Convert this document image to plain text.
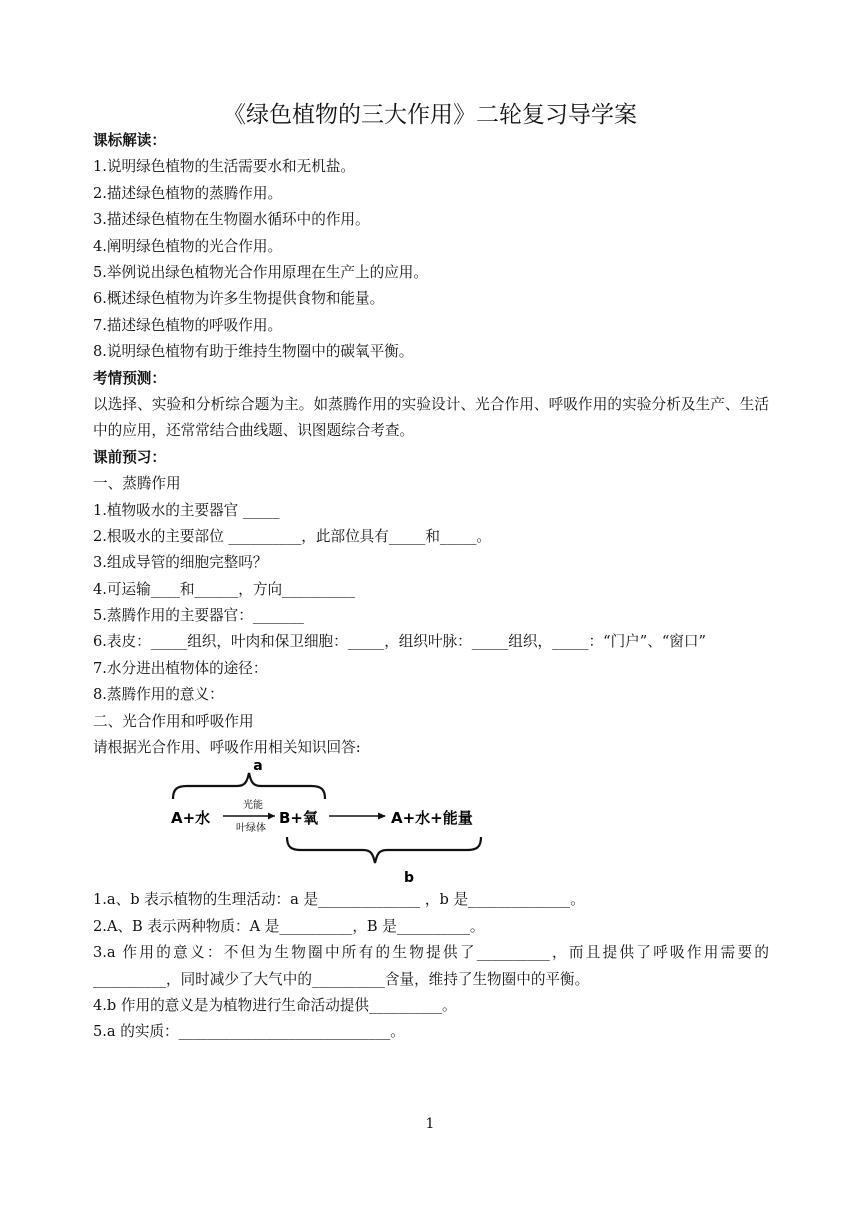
《绿色植物的三大作用》二轮复习导学案
课标解读：
1.说明绿色植物的生活需要水和无机盐。
2.描述绿色植物的蒸腾作用。
3.描述绿色植物在生物圈水循环中的作用。
4.阐明绿色植物的光合作用。
5.举例说出绿色植物光合作用原理在生产上的应用。
6.概述绿色植物为许多生物提供食物和能量。
7.描述绿色植物的呼吸作用。
8.说明绿色植物有助于维持生物圈中的碳氧平衡。
考情预测：
以选择、实验和分析综合题为主。如蒸腾作用的实验设计、光合作用、呼吸作用的实验分析及生产、生活中的应用，还常常结合曲线题、识图题综合考查。
课前预习：
一、蒸腾作用
1.植物吸水的主要器官 _____
2.根吸水的主要部位 __________，此部位具有_____和_____。
3.组成导管的细胞完整吗？
4.可运输____和______，方向__________
5.蒸腾作用的主要器官：_______
6.表皮：_____组织，叶肉和保卫细胞：_____，组织叶脉：_____组织，_____：“门户”、“窗口”
7.水分进出植物体的途径：
8.蒸腾作用的意义：
二、光合作用和呼吸作用
请根据光合作用、呼吸作用相关知识回答:
a
A+水
光能
叶绿体
B+氧	A+水+能量
b
1.a、b 表示植物的生理活动：a 是______________ ，b 是______________。
2.A、B 表示两种物质：A 是__________，B 是__________。
3.a 作用的意义：不但为生物圈中所有的生物提供了__________，而且提供了呼吸作用需要的__________，同时减少了大气中的__________含量，维持了生物圈中的平衡。
4.b 作用的意义是为植物进行生命活动提供__________。
5.a 的实质：_____________________________。
1
